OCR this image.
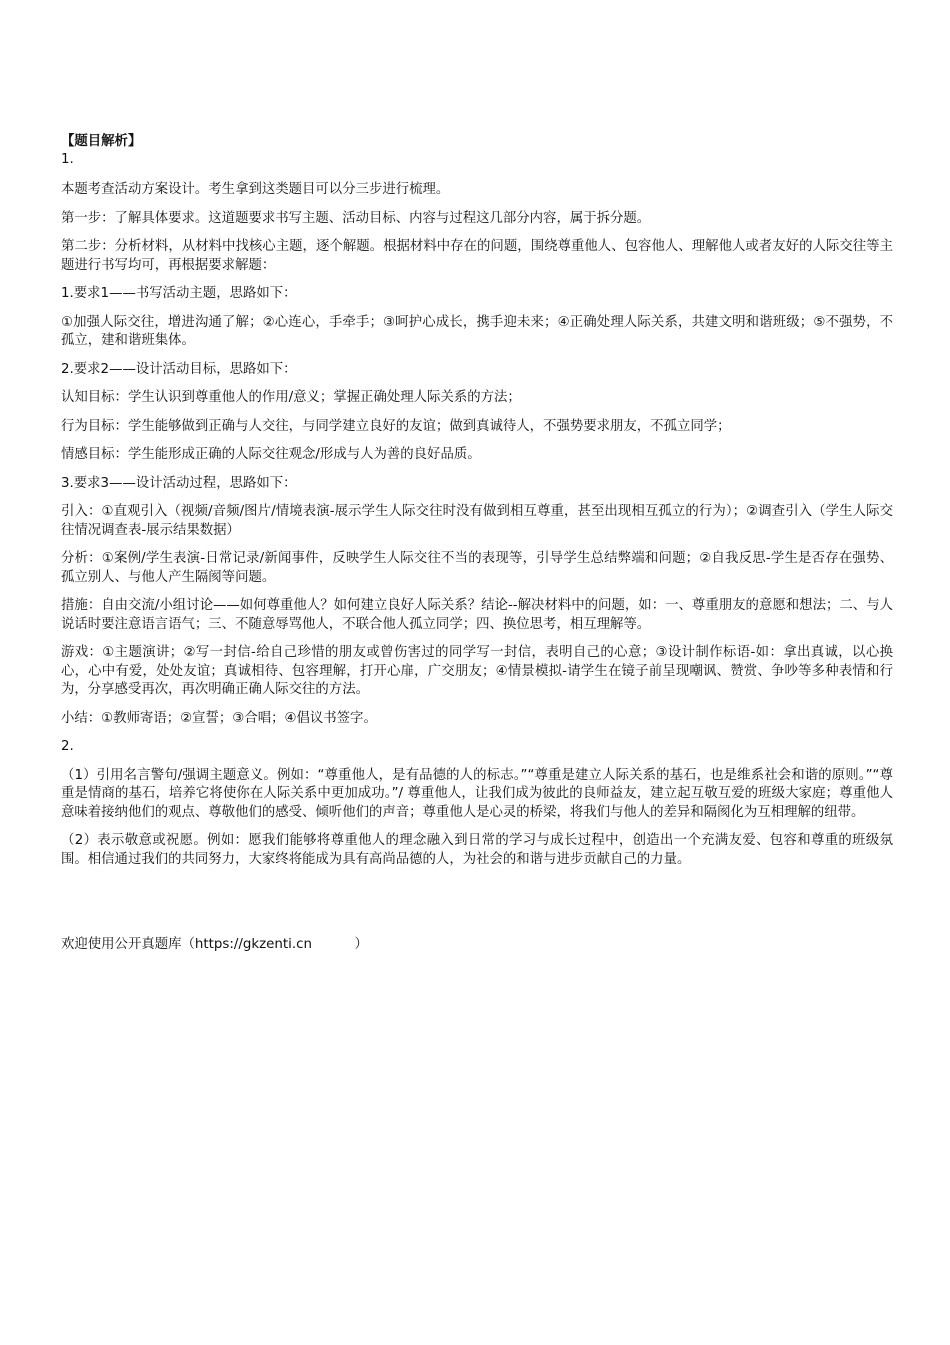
【题目解析】

1.

本题考查活动方案设计。考生拿到这类题目可以分三步进行梳理。

第一步：了解具体要求。这道题要求书写主题、活动目标、内容与过程这几部分内容，属于拆分题。

第二步：分析材料，从材料中找核心主题，逐个解题。根据材料中存在的问题，围绕尊重他人、包容他人、理解他人或者友好的人际交往等主题进行书写均可，再根据要求解题：

1.要求1——书写活动主题，思路如下：

①加强人际交往，增进沟通了解；②心连心，手牵手；③呵护心成长，携手迎未来；④正确处理人际关系，共建文明和谐班级；⑤不强势，不孤立，建和谐班集体。

2.要求2——设计活动目标，思路如下：

认知目标：学生认识到尊重他人的作用/意义；掌握正确处理人际关系的方法；

行为目标：学生能够做到正确与人交往，与同学建立良好的友谊；做到真诚待人，不强势要求朋友，不孤立同学；

情感目标：学生能形成正确的人际交往观念/形成与人为善的良好品质。

3.要求3——设计活动过程，思路如下：

引入：①直观引入（视频/音频/图片/情境表演-展示学生人际交往时没有做到相互尊重，甚至出现相互孤立的行为）；②调查引入（学生人际交往情况调查表-展示结果数据）

分析：①案例/学生表演-日常记录/新闻事件，反映学生人际交往不当的表现等，引导学生总结弊端和问题；②自我反思-学生是否存在强势、孤立别人、与他人产生隔阂等问题。

措施：自由交流/小组讨论——如何尊重他人？如何建立良好人际关系？结论--解决材料中的问题，如：一、尊重朋友的意愿和想法；二、与人说话时要注意语言语气；三、不随意辱骂他人，不联合他人孤立同学；四、换位思考，相互理解等。

游戏：①主题演讲；②写一封信-给自己珍惜的朋友或曾伤害过的同学写一封信，表明自己的心意；③设计制作标语-如：拿出真诚，以心换心，心中有爱，处处友谊；真诚相待、包容理解，打开心扉，广交朋友；④情景模拟-请学生在镜子前呈现嘲讽、赞赏、争吵等多种表情和行为，分享感受再次，再次明确正确人际交往的方法。

小结：①教师寄语；②宣誓；③合唱；④倡议书签字。

2.

（1）引用名言警句/强调主题意义。例如：“尊重他人，是有品德的人的标志。”“尊重是建立人际关系的基石，也是维系社会和谐的原则。”“尊重是情商的基石，培养它将使你在人际关系中更加成功。”/ 尊重他人，让我们成为彼此的良师益友，建立起互敬互爱的班级大家庭；尊重他人意味着接纳他们的观点、尊敬他们的感受、倾听他们的声音；尊重他人是心灵的桥梁，将我们与他人的差异和隔阂化为互相理解的纽带。

（2）表示敬意或祝愿。例如：愿我们能够将尊重他人的理念融入到日常的学习与成长过程中，创造出一个充满友爱、包容和尊重的班级氛围。相信通过我们的共同努力，大家终将能成为具有高尚品德的人，为社会的和谐与进步贡献自己的力量。

欢迎使用公开真题库（https://gkzenti.cn          ）
